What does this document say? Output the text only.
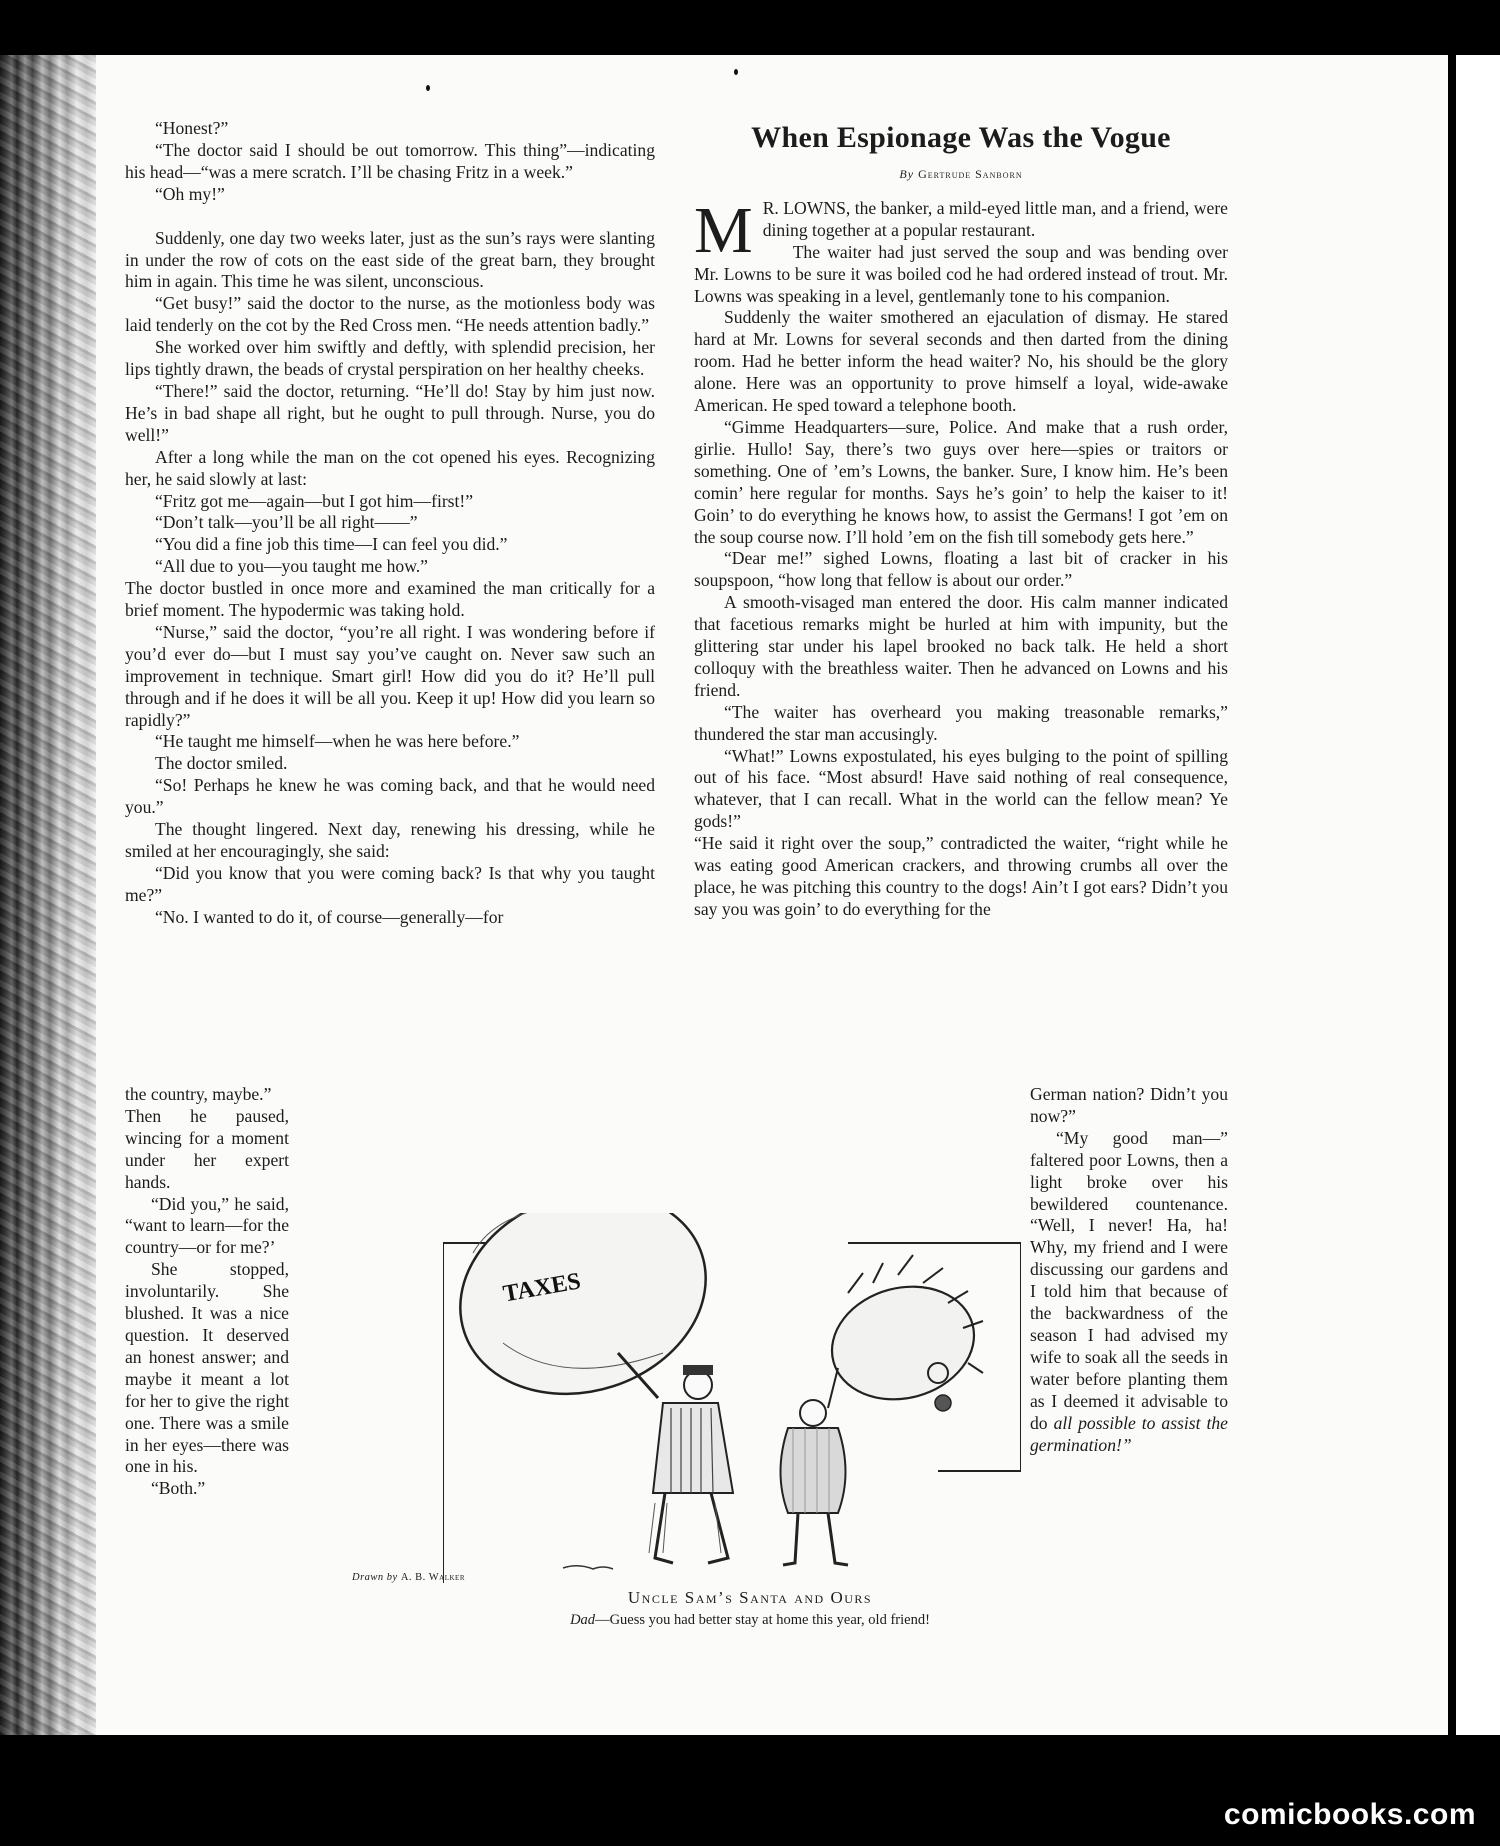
“Honest?”

“The doctor said I should be out tomorrow. This thing”—indicating his head—“was a mere scratch. I’ll be chasing Fritz in a week.”

“Oh my!”

Suddenly, one day two weeks later, just as the sun’s rays were slanting in under the row of cots on the east side of the great barn, they brought him in again. This time he was silent, unconscious.

“Get busy!” said the doctor to the nurse, as the motionless body was laid tenderly on the cot by the Red Cross men. “He needs attention badly.”

She worked over him swiftly and deftly, with splendid precision, her lips tightly drawn, the beads of crystal perspiration on her healthy cheeks.

“There!” said the doctor, returning. “He’ll do! Stay by him just now. He’s in bad shape all right, but he ought to pull through. Nurse, you do well!”

After a long while the man on the cot opened his eyes. Recognizing her, he said slowly at last:

“Fritz got me—again—but I got him—first!”

“Don’t talk—you’ll be all right——”

“You did a fine job this time—I can feel you did.”

“All due to you—you taught me how.”

The doctor bustled in once more and examined the man critically for a brief moment. The hypodermic was taking hold.

“Nurse,” said the doctor, “you’re all right. I was wondering before if you’d ever do—but I must say you’ve caught on. Never saw such an improvement in technique. Smart girl! How did you do it? He’ll pull through and if he does it will be all you. Keep it up! How did you learn so rapidly?”

“He taught me himself—when he was here before.”

The doctor smiled.

“So! Perhaps he knew he was coming back, and that he would need you.”

The thought lingered. Next day, renewing his dressing, while he smiled at her encouragingly, she said:

“Did you know that you were coming back? Is that why you taught me?”

“No. I wanted to do it, of course—generally—for

When Espionage Was the Vogue
By Gertrude Sanborn

M R. LOWNS, the banker, a mild-eyed little man, and a friend, were dining together at a popular restaurant.

The waiter had just served the soup and was bending over Mr. Lowns to be sure it was boiled cod he had ordered instead of trout. Mr. Lowns was speaking in a level, gentlemanly tone to his companion.

Suddenly the waiter smothered an ejaculation of dismay. He stared hard at Mr. Lowns for several seconds and then darted from the dining room. Had he better inform the head waiter? No, his should be the glory alone. Here was an opportunity to prove himself a loyal, wide-awake American. He sped toward a telephone booth.

“Gimme Headquarters—sure, Police. And make that a rush order, girlie. Hullo! Say, there’s two guys over here—spies or traitors or something. One of ’em’s Lowns, the banker. Sure, I know him. He’s been comin’ here regular for months. Says he’s goin’ to help the kaiser to it! Goin’ to do everything he knows how, to assist the Germans! I got ’em on the soup course now. I’ll hold ’em on the fish till somebody gets here.”

“Dear me!” sighed Lowns, floating a last bit of cracker in his soupspoon, “how long that fellow is about our order.”

A smooth-visaged man entered the door. His calm manner indicated that facetious remarks might be hurled at him with impunity, but the glittering star under his lapel brooked no back talk. He held a short colloquy with the breathless waiter. Then he advanced on Lowns and his friend.

“The waiter has overheard you making treasonable remarks,” thundered the star man accusingly.

“What!” Lowns expostulated, his eyes bulging to the point of spilling out of his face. “Most absurd! Have said nothing of real consequence, whatever, that I can recall. What in the world can the fellow mean? Ye gods!”

“He said it right over the soup,” contradicted the waiter, “right while he was eating good American crackers, and throwing crumbs all over the place, he was pitching this country to the dogs! Ain’t I got ears? Didn’t you say you was goin’ to do everything for the

the country, maybe.”

Then he paused, wincing for a moment under her expert hands.

“Did you,” he said, “want to learn—for the country—or for me?’

She stopped, involuntarily. She blushed. It was a nice question. It deserved an honest answer; and maybe it meant a lot for her to give the right one. There was a smile in her eyes—there was one in his.

“Both.”

German nation? Didn’t you now?”

“My good man—” faltered poor Lowns, then a light broke over his bewildered countenance. “Well, I never! Ha, ha! Why, my friend and I were discussing our gardens and I told him that because of the backwardness of the season I had advised my wife to soak all the seeds in water before planting them as I deemed it advisable to do all possible to assist the germination!”

TAXES
Drawn by A. B. Walker
Uncle Sam’s Santa and Ours
Dad—Guess you had better stay at home this year, old friend!
comicbooks.com
